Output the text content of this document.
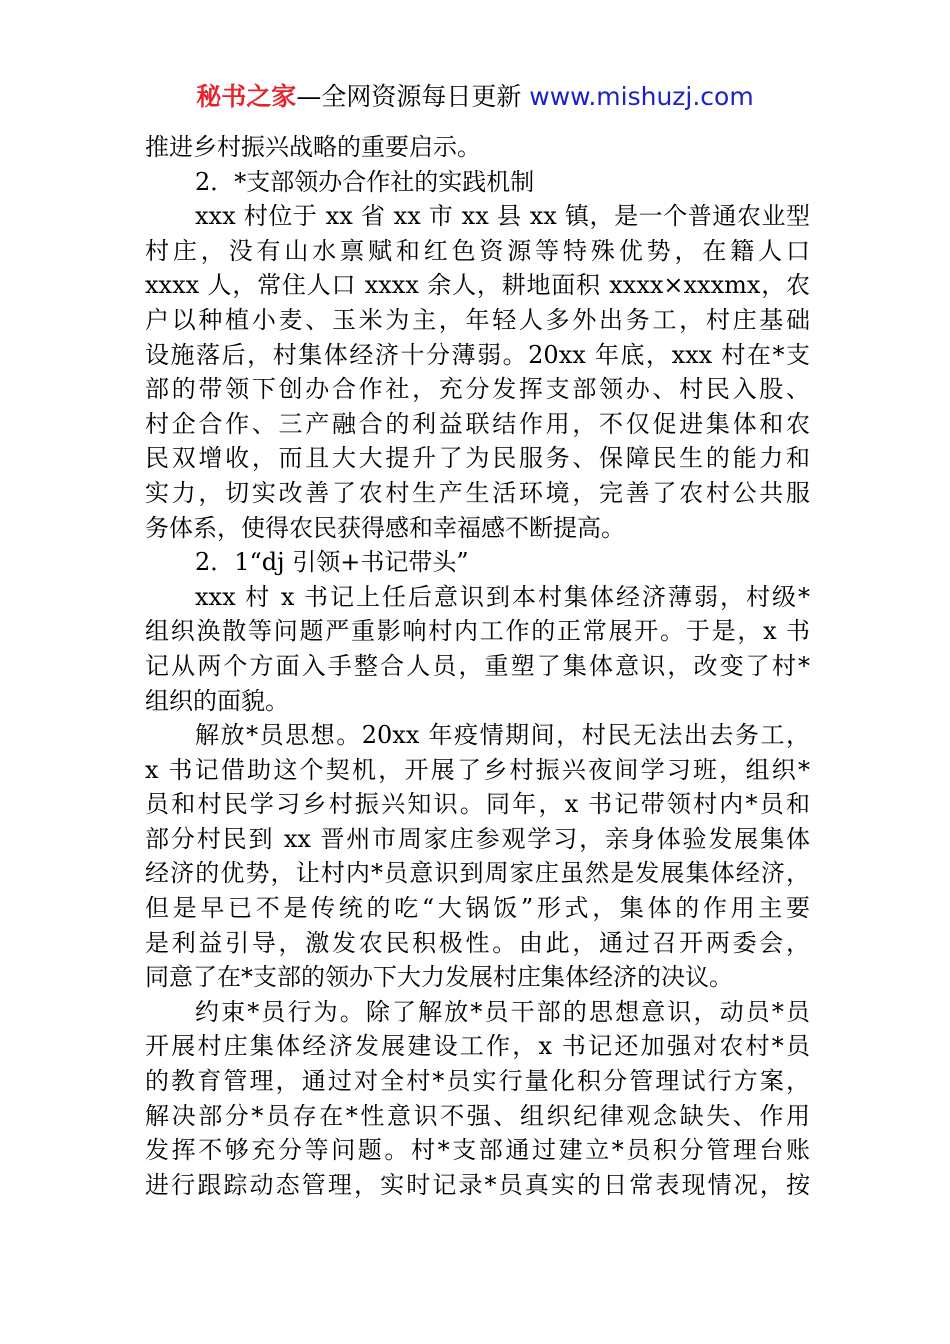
秘书之家—全网资源每日更新 www.mishuzj.com
推进乡村振兴战略的重要启示。
2．*支部领办合作社的实践机制
xxx 村位于 xx 省 xx 市 xx 县 xx 镇，是一个普通农业型
村庄，没有山水禀赋和红色资源等特殊优势，在籍人口
xxxx 人，常住人口 xxxx 余人，耕地面积 xxxx×xxxmx，农
户以种植小麦、玉米为主，年轻人多外出务工，村庄基础
设施落后，村集体经济十分薄弱。20xx 年底，xxx 村在*支
部的带领下创办合作社，充分发挥支部领办、村民入股、
村企合作、三产融合的利益联结作用，不仅促进集体和农
民双增收，而且大大提升了为民服务、保障民生的能力和
实力，切实改善了农村生产生活环境，完善了农村公共服
务体系，使得农民获得感和幸福感不断提高。
2．1“dj 引领+书记带头”
xxx 村 x 书记上任后意识到本村集体经济薄弱，村级*
组织涣散等问题严重影响村内工作的正常展开。于是，x 书
记从两个方面入手整合人员，重塑了集体意识，改变了村*
组织的面貌。
解放*员思想。20xx 年疫情期间，村民无法出去务工，
x 书记借助这个契机，开展了乡村振兴夜间学习班，组织*
员和村民学习乡村振兴知识。同年，x 书记带领村内*员和
部分村民到 xx 晋州市周家庄参观学习，亲身体验发展集体
经济的优势，让村内*员意识到周家庄虽然是发展集体经济，
但是早已不是传统的吃“大锅饭”形式，集体的作用主要
是利益引导，激发农民积极性。由此，通过召开两委会，
同意了在*支部的领办下大力发展村庄集体经济的决议。
约束*员行为。除了解放*员干部的思想意识，动员*员
开展村庄集体经济发展建设工作，x 书记还加强对农村*员
的教育管理，通过对全村*员实行量化积分管理试行方案，
解决部分*员存在*性意识不强、组织纪律观念缺失、作用
发挥不够充分等问题。村*支部通过建立*员积分管理台账
进行跟踪动态管理，实时记录*员真实的日常表现情况，按
